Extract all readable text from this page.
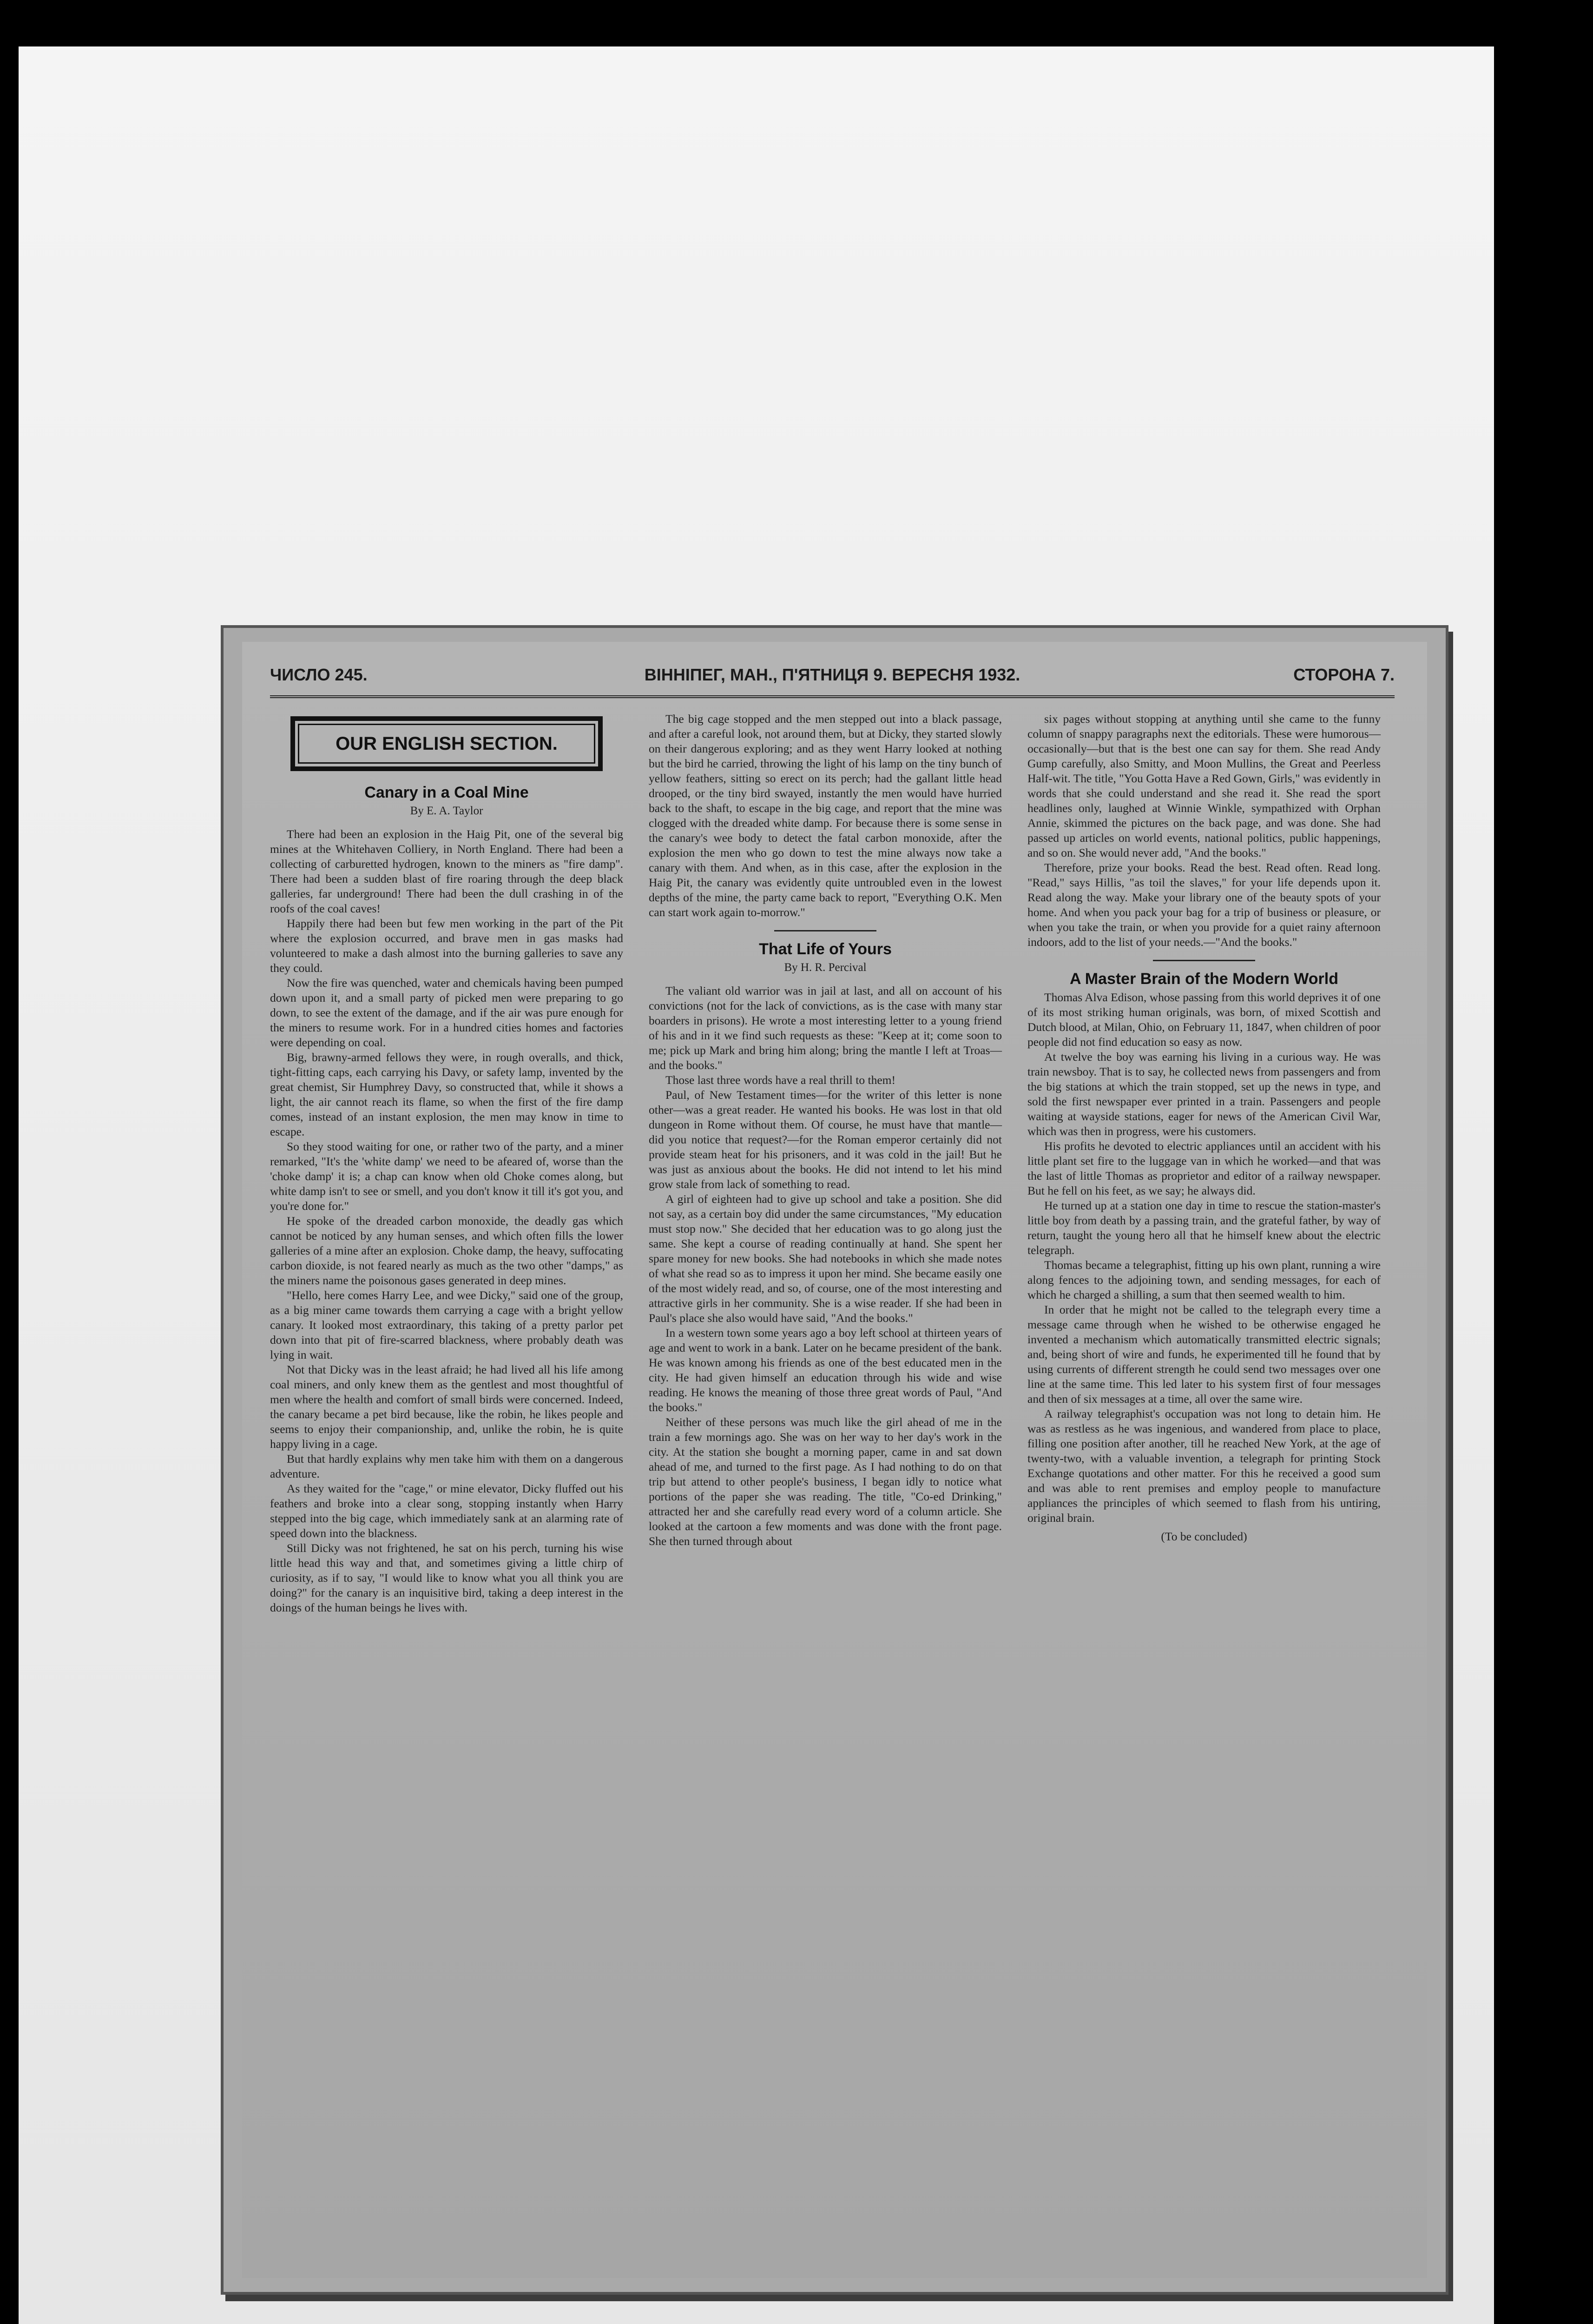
ЧИСЛО 245.	ВІННІПЕГ, МАН., П'ЯТНИЦЯ 9. ВЕРЕСНЯ 1932.	СТОРОНА 7.
OUR ENGLISH SECTION.
Canary in a Coal Mine
By E. A. Taylor

There had been an explosion in the Haig Pit, one of the several big mines at the Whitehaven Colliery, in North England. There had been a collecting of carburetted hydrogen, known to the miners as "fire damp". There had been a sudden blast of fire roaring through the deep black galleries, far underground! There had been the dull crashing in of the roofs of the coal caves!

Happily there had been but few men working in the part of the Pit where the explosion occurred, and brave men in gas masks had volunteered to make a dash almost into the burning galleries to save any they could.

Now the fire was quenched, water and chemicals having been pumped down upon it, and a small party of picked men were preparing to go down, to see the extent of the damage, and if the air was pure enough for the miners to resume work. For in a hundred cities homes and factories were depending on coal.

Big, brawny-armed fellows they were, in rough overalls, and thick, tight-fitting caps, each carrying his Davy, or safety lamp, invented by the great chemist, Sir Humphrey Davy, so constructed that, while it shows a light, the air cannot reach its flame, so when the first of the fire damp comes, instead of an instant explosion, the men may know in time to escape.

So they stood waiting for one, or rather two of the party, and a miner remarked, "It's the 'white damp' we need to be afeared of, worse than the 'choke damp' it is; a chap can know when old Choke comes along, but white damp isn't to see or smell, and you don't know it till it's got you, and you're done for."

He spoke of the dreaded carbon monoxide, the deadly gas which cannot be noticed by any human senses, and which often fills the lower galleries of a mine after an explosion. Choke damp, the heavy, suffocating carbon dioxide, is not feared nearly as much as the two other "damps," as the miners name the poisonous gases generated in deep mines.

"Hello, here comes Harry Lee, and wee Dicky," said one of the group, as a big miner came towards them carrying a cage with a bright yellow canary. It looked most extraordinary, this taking of a pretty parlor pet down into that pit of fire-scarred blackness, where probably death was lying in wait.

Not that Dicky was in the least afraid; he had lived all his life among coal miners, and only knew them as the gentlest and most thoughtful of men where the health and comfort of small birds were concerned. Indeed, the canary became a pet bird because, like the robin, he likes people and seems to enjoy their companionship, and, unlike the robin, he is quite happy living in a cage.

But that hardly explains why men take him with them on a dangerous adventure.

As they waited for the "cage," or mine elevator, Dicky fluffed out his feathers and broke into a clear song, stopping instantly when Harry stepped into the big cage, which immediately sank at an alarming rate of speed down into the blackness.

Still Dicky was not frightened, he sat on his perch, turning his wise little head this way and that, and sometimes giving a little chirp of curiosity, as if to say, "I would like to know what you all think you are doing?" for the canary is an inquisitive bird, taking a deep interest in the doings of the human beings he lives with.

The big cage stopped and the men stepped out into a black passage, and after a careful look, not around them, but at Dicky, they started slowly on their dangerous exploring; and as they went Harry looked at nothing but the bird he carried, throwing the light of his lamp on the tiny bunch of yellow feathers, sitting so erect on its perch; had the gallant little head drooped, or the tiny bird swayed, instantly the men would have hurried back to the shaft, to escape in the big cage, and report that the mine was clogged with the dreaded white damp. For because there is some sense in the canary's wee body to detect the fatal carbon monoxide, after the explosion the men who go down to test the mine always now take a canary with them. And when, as in this case, after the explosion in the Haig Pit, the canary was evidently quite untroubled even in the lowest depths of the mine, the party came back to report, "Everything O.K. Men can start work again to-morrow."

That Life of Yours
By H. R. Percival

The valiant old warrior was in jail at last, and all on account of his convictions (not for the lack of convictions, as is the case with many star boarders in prisons). He wrote a most interesting letter to a young friend of his and in it we find such requests as these: "Keep at it; come soon to me; pick up Mark and bring him along; bring the mantle I left at Troas—and the books."

Those last three words have a real thrill to them!

Paul, of New Testament times—for the writer of this letter is none other—was a great reader. He wanted his books. He was lost in that old dungeon in Rome without them. Of course, he must have that mantle—did you notice that request?—for the Roman emperor certainly did not provide steam heat for his prisoners, and it was cold in the jail! But he was just as anxious about the books. He did not intend to let his mind grow stale from lack of something to read.

A girl of eighteen had to give up school and take a position. She did not say, as a certain boy did under the same circumstances, "My education must stop now." She decided that her education was to go along just the same. She kept a course of reading continually at hand. She spent her spare money for new books. She had notebooks in which she made notes of what she read so as to impress it upon her mind. She became easily one of the most widely read, and so, of course, one of the most interesting and attractive girls in her community. She is a wise reader. If she had been in Paul's place she also would have said, "And the books."

In a western town some years ago a boy left school at thirteen years of age and went to work in a bank. Later on he became president of the bank. He was known among his friends as one of the best educated men in the city. He had given himself an education through his wide and wise reading. He knows the meaning of those three great words of Paul, "And the books."

Neither of these persons was much like the girl ahead of me in the train a few mornings ago. She was on her way to her day's work in the city. At the station she bought a morning paper, came in and sat down ahead of me, and turned to the first page. As I had nothing to do on that trip but attend to other people's business, I began idly to notice what portions of the paper she was reading. The title, "Co-ed Drinking," attracted her and she carefully read every word of a column article. She looked at the cartoon a few moments and was done with the front page. She then turned through about

six pages without stopping at anything until she came to the funny column of snappy paragraphs next the editorials. These were humorous—occasionally—but that is the best one can say for them. She read Andy Gump carefully, also Smitty, and Moon Mullins, the Great and Peerless Half-wit. The title, "You Gotta Have a Red Gown, Girls," was evidently in words that she could understand and she read it. She read the sport headlines only, laughed at Winnie Winkle, sympathized with Orphan Annie, skimmed the pictures on the back page, and was done. She had passed up articles on world events, national politics, public happenings, and so on. She would never add, "And the books."

Therefore, prize your books. Read the best. Read often. Read long. "Read," says Hillis, "as toil the slaves," for your life depends upon it. Read along the way. Make your library one of the beauty spots of your home. And when you pack your bag for a trip of business or pleasure, or when you take the train, or when you provide for a quiet rainy afternoon indoors, add to the list of your needs.—"And the books."

A Master Brain of the Modern World

Thomas Alva Edison, whose passing from this world deprives it of one of its most striking human originals, was born, of mixed Scottish and Dutch blood, at Milan, Ohio, on February 11, 1847, when children of poor people did not find education so easy as now.

At twelve the boy was earning his living in a curious way. He was train newsboy. That is to say, he collected news from passengers and from the big stations at which the train stopped, set up the news in type, and sold the first newspaper ever printed in a train. Passengers and people waiting at wayside stations, eager for news of the American Civil War, which was then in progress, were his customers.

His profits he devoted to electric appliances until an accident with his little plant set fire to the luggage van in which he worked—and that was the last of little Thomas as proprietor and editor of a railway newspaper. But he fell on his feet, as we say; he always did.

He turned up at a station one day in time to rescue the station-master's little boy from death by a passing train, and the grateful father, by way of return, taught the young hero all that he himself knew about the electric telegraph.

Thomas became a telegraphist, fitting up his own plant, running a wire along fences to the adjoining town, and sending messages, for each of which he charged a shilling, a sum that then seemed wealth to him.

In order that he might not be called to the telegraph every time a message came through when he wished to be otherwise engaged he invented a mechanism which automatically transmitted electric signals; and, being short of wire and funds, he experimented till he found that by using currents of different strength he could send two messages over one line at the same time. This led later to his system first of four messages and then of six messages at a time, all over the same wire.

A railway telegraphist's occupation was not long to detain him. He was as restless as he was ingenious, and wandered from place to place, filling one position after another, till he reached New York, at the age of twenty-two, with a valuable invention, a telegraph for printing Stock Exchange quotations and other matter. For this he received a good sum and was able to rent premises and employ people to manufacture appliances the principles of which seemed to flash from his untiring, original brain.

(To be concluded)
